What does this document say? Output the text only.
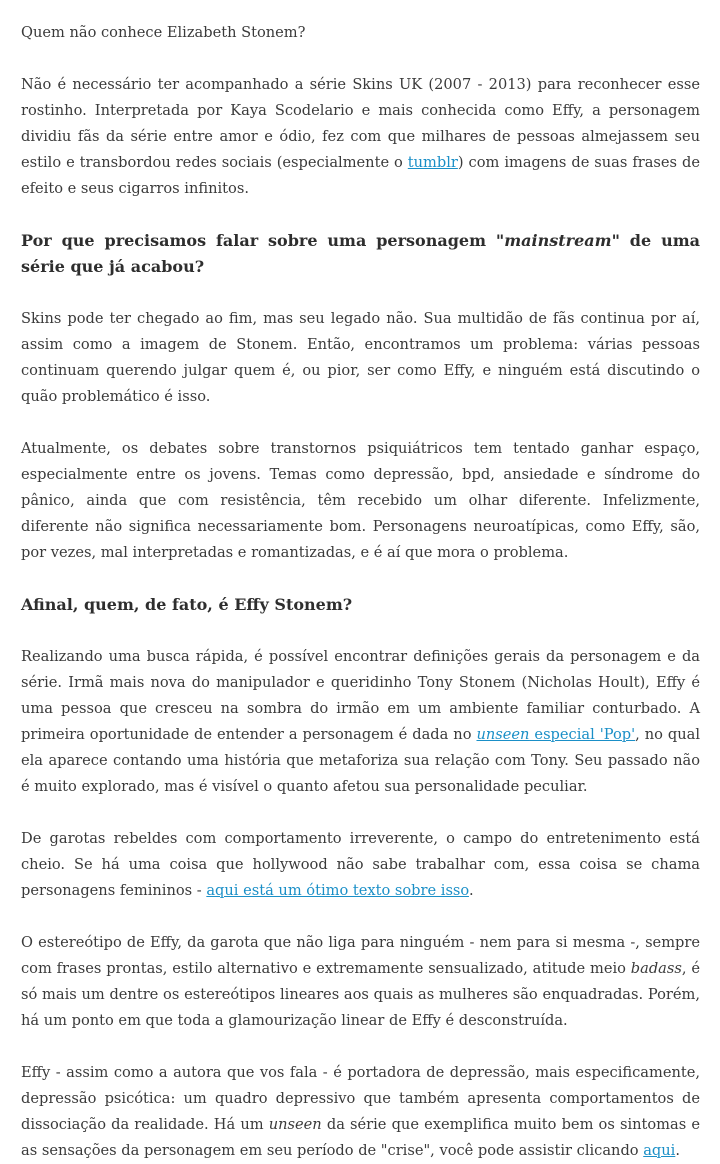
Quem não conhece Elizabeth Stonem?

Não é necessário ter acompanhado a série Skins UK (2007 - 2013) para reconhecer esse rostinho. Interpretada por Kaya Scodelario e mais conhecida como Effy, a personagem dividiu fãs da série entre amor e ódio, fez com que milhares de pessoas almejassem seu estilo e transbordou redes sociais (especialmente o tumblr) com imagens de suas frases de efeito e seus cigarros infinitos.

Por que precisamos falar sobre uma personagem "mainstream" de uma série que já acabou?

Skins pode ter chegado ao fim, mas seu legado não. Sua multidão de fãs continua por aí, assim como a imagem de Stonem. Então, encontramos um problema: várias pessoas continuam querendo julgar quem é, ou pior, ser como Effy, e ninguém está discutindo o quão problemático é isso.

Atualmente, os debates sobre transtornos psiquiátricos tem tentado ganhar espaço, especialmente entre os jovens. Temas como depressão, bpd, ansiedade e síndrome do pânico, ainda que com resistência, têm recebido um olhar diferente. Infelizmente, diferente não significa necessariamente bom. Personagens neuroatípicas, como Effy, são, por vezes, mal interpretadas e romantizadas, e é aí que mora o problema.

Afinal, quem, de fato, é Effy Stonem?

Realizando uma busca rápida, é possível encontrar definições gerais da personagem e da série. Irmã mais nova do manipulador e queridinho Tony Stonem (Nicholas Hoult), Effy é uma pessoa que cresceu na sombra do irmão em um ambiente familiar conturbado. A primeira oportunidade de entender a personagem é dada no unseen especial 'Pop', no qual ela aparece contando uma história que metaforiza sua relação com Tony. Seu passado não é muito explorado, mas é visível o quanto afetou sua personalidade peculiar.

De garotas rebeldes com comportamento irreverente, o campo do entretenimento está cheio. Se há uma coisa que hollywood não sabe trabalhar com, essa coisa se chama personagens femininos - aqui está um ótimo texto sobre isso.

O estereótipo de Effy, da garota que não liga para ninguém - nem para si mesma -, sempre com frases prontas, estilo alternativo e extremamente sensualizado, atitude meio badass, é só mais um dentre os estereótipos lineares aos quais as mulheres são enquadradas. Porém, há um ponto em que toda a glamourização linear de Effy é desconstruída.

Effy - assim como a autora que vos fala - é portadora de depressão, mais especificamente, depressão psicótica: um quadro depressivo que também apresenta comportamentos de dissociação da realidade. Há um unseen da série que exemplifica muito bem os sintomas e as sensações da personagem em seu período de "crise", você pode assistir clicando aqui.
